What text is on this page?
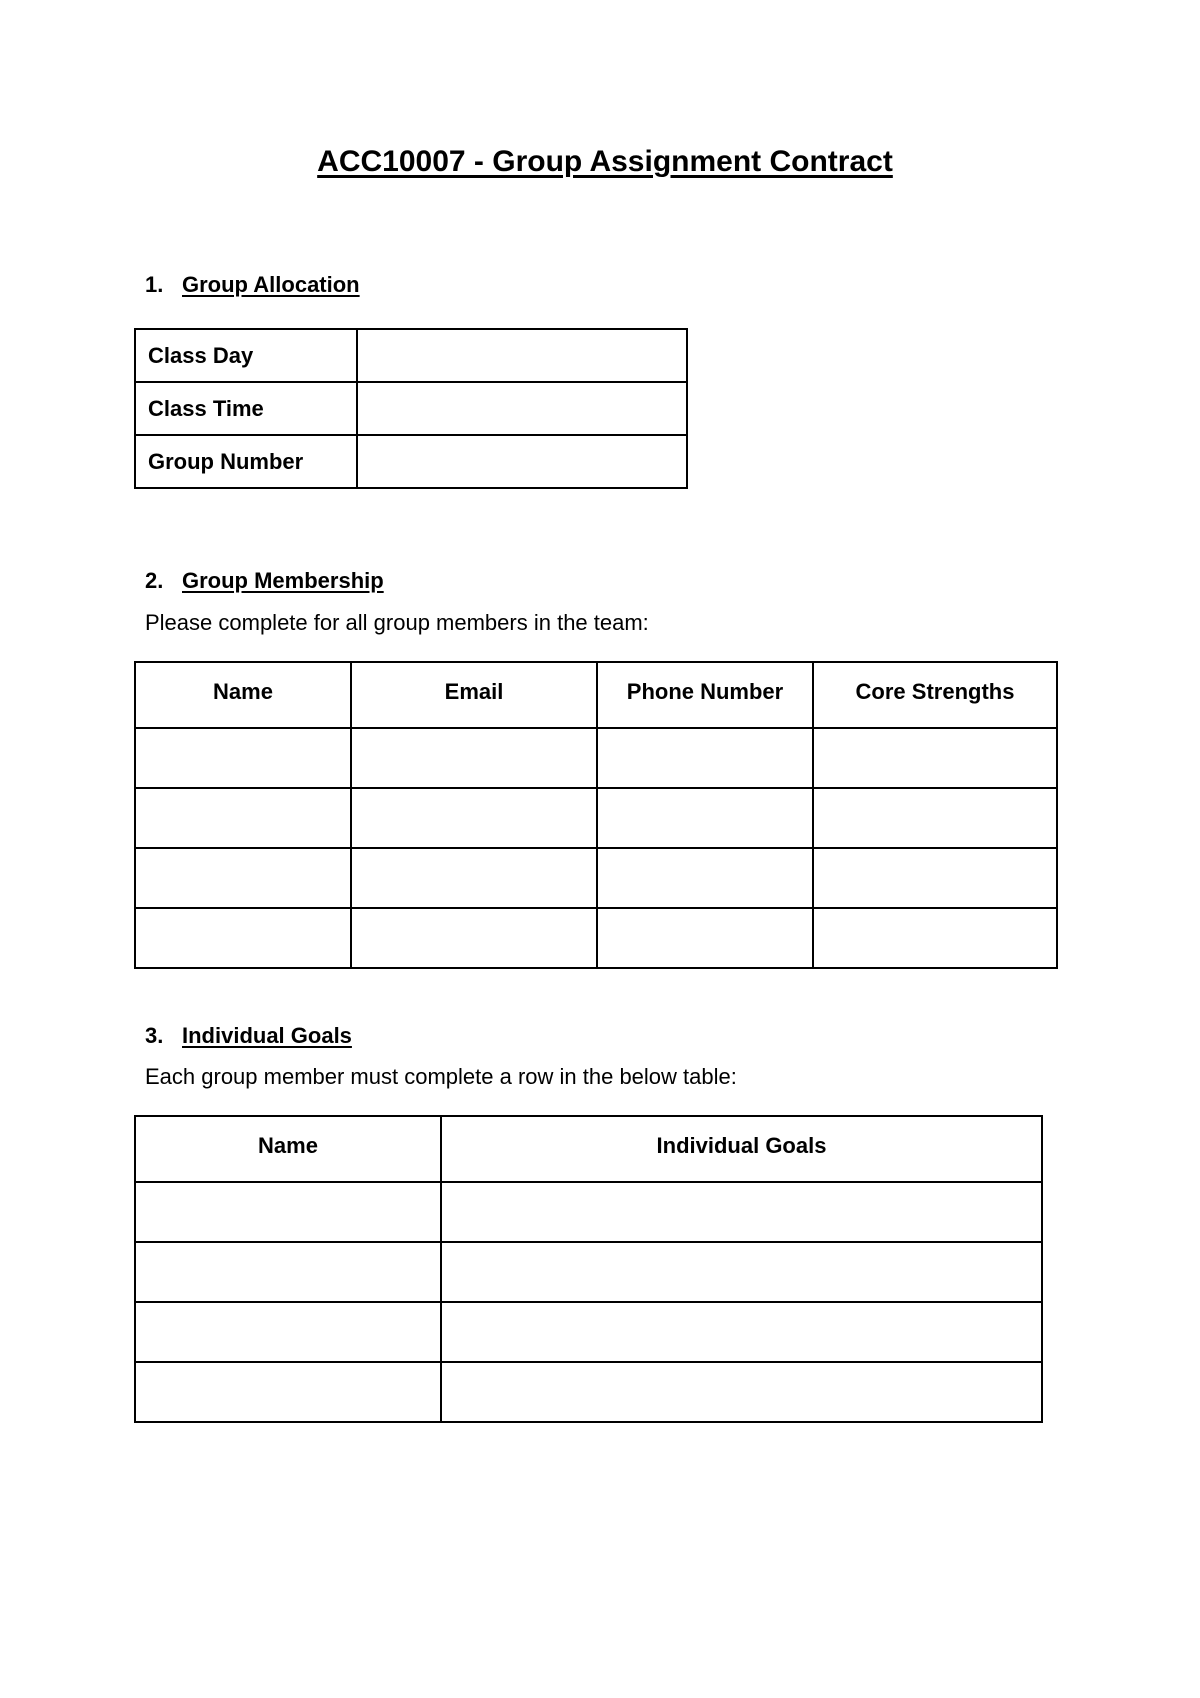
ACC10007 - Group Assignment Contract
1. Group Allocation
Class Day	
Class Time	
Group Number	
2. Group Membership

Please complete for all group members in the team:

Name	Email	Phone Number	Core Strengths

3. Individual Goals

Each group member must complete a row in the below table:

Name	Individual Goals
